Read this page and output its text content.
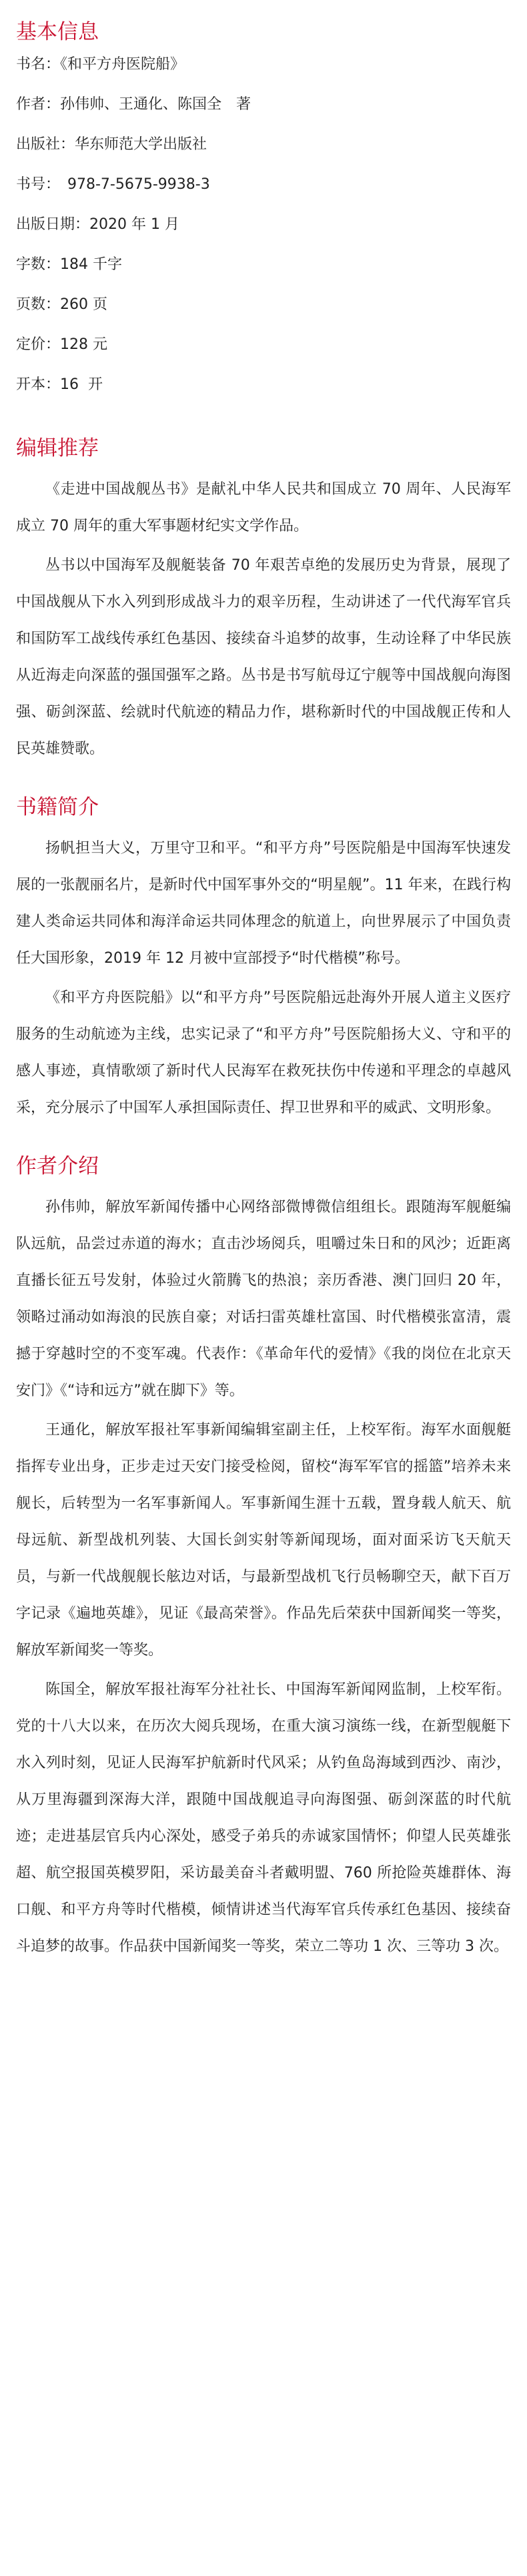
基本信息

书名：《和平方舟医院船》

作者：孙伟帅、王通化、陈国全　著

出版社：华东师范大学出版社

书号：　978-7-5675-9938-3

出版日期：2020 年 1 月

字数：184 千字

页数：260 页

定价：128 元

开本：16  开

编辑推荐

《走进中国战舰丛书》是献礼中华人民共和国成立 70 周年、人民海军成立 70 周年的重大军事题材纪实文学作品。

丛书以中国海军及舰艇装备 70 年艰苦卓绝的发展历史为背景，展现了中国战舰从下水入列到形成战斗力的艰辛历程，生动讲述了一代代海军官兵和国防军工战线传承红色基因、接续奋斗追梦的故事，生动诠释了中华民族从近海走向深蓝的强国强军之路。丛书是书写航母辽宁舰等中国战舰向海图强、砺剑深蓝、绘就时代航迹的精品力作，堪称新时代的中国战舰正传和人民英雄赞歌。

书籍简介

扬帆担当大义，万里守卫和平。“和平方舟”号医院船是中国海军快速发展的一张靓丽名片，是新时代中国军事外交的“明星舰”。11 年来，在践行构建人类命运共同体和海洋命运共同体理念的航道上，向世界展示了中国负责任大国形象，2019 年 12 月被中宣部授予“时代楷模”称号。

《和平方舟医院船》以“和平方舟”号医院船远赴海外开展人道主义医疗服务的生动航迹为主线，忠实记录了“和平方舟”号医院船扬大义、守和平的感人事迹，真情歌颂了新时代人民海军在救死扶伤中传递和平理念的卓越风采，充分展示了中国军人承担国际责任、捍卫世界和平的威武、文明形象。

作者介绍

孙伟帅，解放军新闻传播中心网络部微博微信组组长。跟随海军舰艇编队远航，品尝过赤道的海水；直击沙场阅兵，咀嚼过朱日和的风沙；近距离直播长征五号发射，体验过火箭腾飞的热浪；亲历香港、澳门回归 20 年，领略过涌动如海浪的民族自豪；对话扫雷英雄杜富国、时代楷模张富清，震撼于穿越时空的不变军魂。代表作：《革命年代的爱情》《我的岗位在北京天安门》《“诗和远方”就在脚下》等。

王通化，解放军报社军事新闻编辑室副主任，上校军衔。海军水面舰艇指挥专业出身，正步走过天安门接受检阅，留校“海军军官的摇篮”培养未来舰长，后转型为一名军事新闻人。军事新闻生涯十五载，置身载人航天、航母远航、新型战机列装、大国长剑实射等新闻现场，面对面采访飞天航天员，与新一代战舰舰长舷边对话，与最新型战机飞行员畅聊空天，献下百万字记录《遍地英雄》，见证《最高荣誉》。作品先后荣获中国新闻奖一等奖，解放军新闻奖一等奖。

陈国全，解放军报社海军分社社长、中国海军新闻网监制，上校军衔。党的十八大以来，在历次大阅兵现场，在重大演习演练一线，在新型舰艇下水入列时刻，见证人民海军护航新时代风采；从钓鱼岛海域到西沙、南沙，从万里海疆到深海大洋，跟随中国战舰追寻向海图强、砺剑深蓝的时代航迹；走进基层官兵内心深处，感受子弟兵的赤诚家国情怀；仰望人民英雄张超、航空报国英模罗阳，采访最美奋斗者戴明盟、760 所抢险英雄群体、海口舰、和平方舟等时代楷模，倾情讲述当代海军官兵传承红色基因、接续奋斗追梦的故事。作品获中国新闻奖一等奖，荣立二等功 1 次、三等功 3 次。
